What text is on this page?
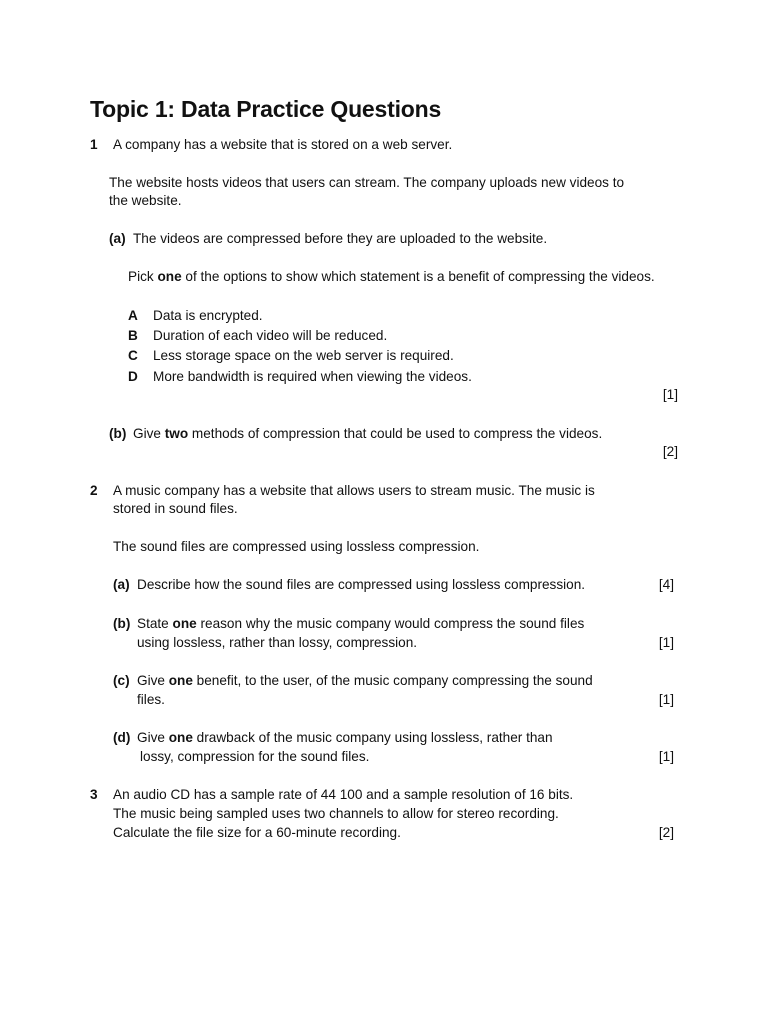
Topic 1: Data Practice Questions
1 A company has a website that is stored on a web server.
The website hosts videos that users can stream. The company uploads new videos to
the website.
(a) The videos are compressed before they are uploaded to the website.
Pick one of the options to show which statement is a benefit of compressing the videos.
A Data is encrypted.
B Duration of each video will be reduced.
C Less storage space on the web server is required.
D More bandwidth is required when viewing the videos.
[1]
(b) Give two methods of compression that could be used to compress the videos.
[2]
2 A music company has a website that allows users to stream music. The music is
stored in sound files.
The sound files are compressed using lossless compression.
(a) Describe how the sound files are compressed using lossless compression.	[4]
(b) State one reason why the music company would compress the sound files
using lossless, rather than lossy, compression.	[1]
(c) Give one benefit, to the user, of the music company compressing the sound
files.	[1]
(d) Give one drawback of the music company using lossless, rather than
lossy, compression for the sound files.	[1]
3 An audio CD has a sample rate of 44 100 and a sample resolution of 16 bits.
The music being sampled uses two channels to allow for stereo recording.
Calculate the file size for a 60-minute recording.	[2]
